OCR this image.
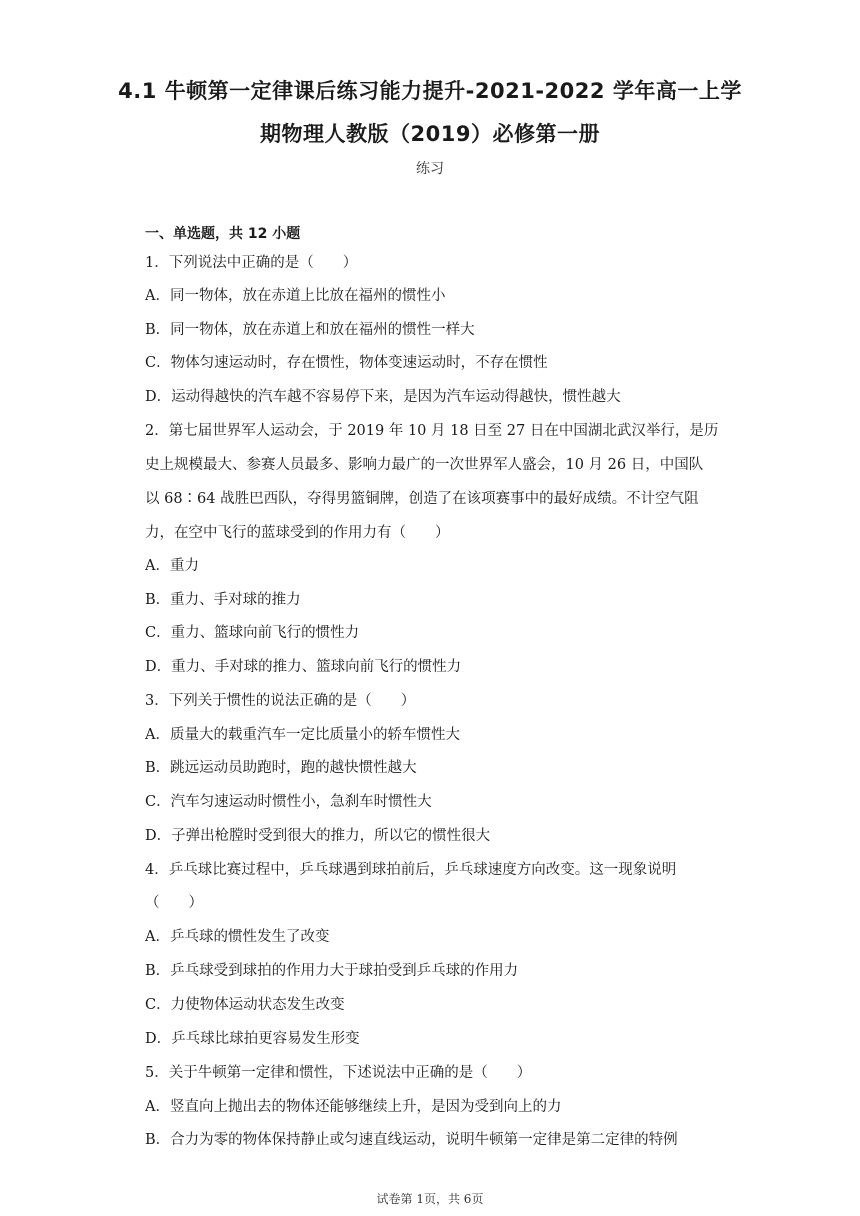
4.1 牛顿第一定律课后练习能力提升-2021-2022 学年高一上学
期物理人教版（2019）必修第一册
练习
一、单选题，共 12 小题
1．下列说法中正确的是（　　）
A．同一物体，放在赤道上比放在福州的惯性小
B．同一物体，放在赤道上和放在福州的惯性一样大
C．物体匀速运动时，存在惯性，物体变速运动时，不存在惯性
D．运动得越快的汽车越不容易停下来，是因为汽车运动得越快，惯性越大
2．第七届世界军人运动会，于 2019 年 10 月 18 日至 27 日在中国湖北武汉举行，是历
史上规模最大、参赛人员最多、影响力最广的一次世界军人盛会，10 月 26 日，中国队
以 68∶64 战胜巴西队，夺得男篮铜牌，创造了在该项赛事中的最好成绩。不计空气阻
力，在空中飞行的蓝球受到的作用力有（　　）
A．重力
B．重力、手对球的推力
C．重力、篮球向前飞行的惯性力
D．重力、手对球的推力、篮球向前飞行的惯性力
3．下列关于惯性的说法正确的是（　　）
A．质量大的载重汽车一定比质量小的轿车惯性大
B．跳远运动员助跑时，跑的越快惯性越大
C．汽车匀速运动时惯性小，急刹车时惯性大
D．子弹出枪膛时受到很大的推力，所以它的惯性很大
4．乒乓球比赛过程中，乒乓球遇到球拍前后，乒乓球速度方向改变。这一现象说明
（　　）
A．乒乓球的惯性发生了改变
B．乒乓球受到球拍的作用力大于球拍受到乒乓球的作用力
C．力使物体运动状态发生改变
D．乒乓球比球拍更容易发生形变
5．关于牛顿第一定律和惯性，下述说法中正确的是（　　）
A．竖直向上抛出去的物体还能够继续上升，是因为受到向上的力
B．合力为零的物体保持静止或匀速直线运动，说明牛顿第一定律是第二定律的特例
试卷第 1页，共 6页
